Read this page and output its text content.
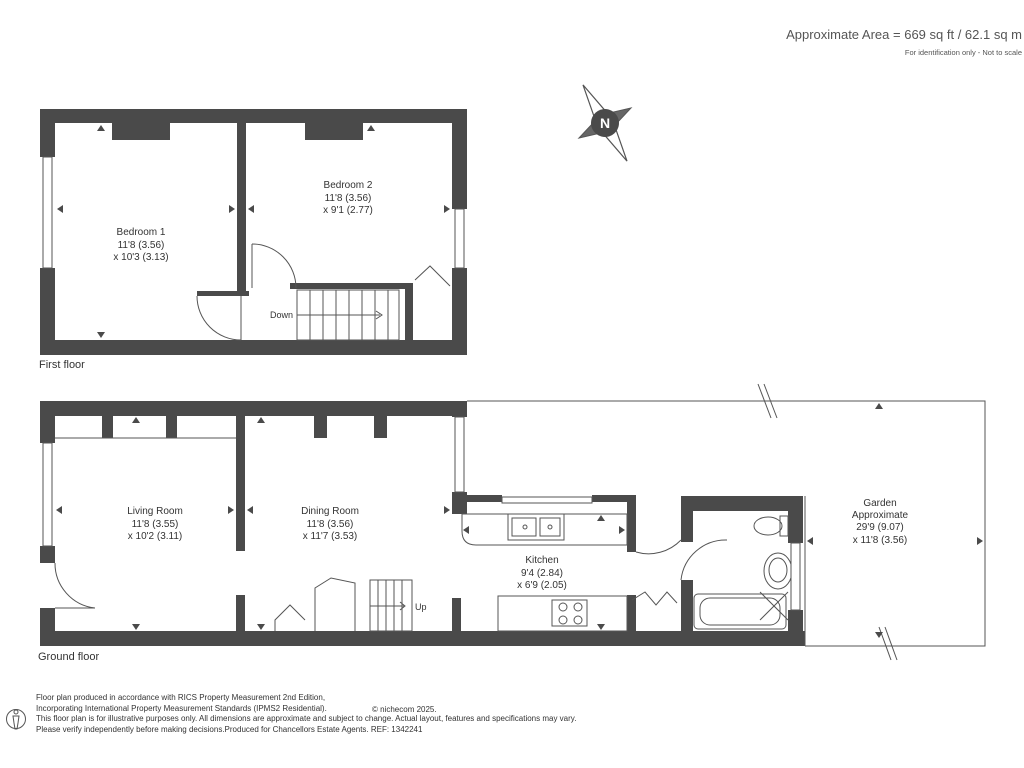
Approximate Area = 669 sq ft / 62.1 sq m
For identification only - Not to scale
N
Bedroom 1
11'8 (3.56)
x 10'3 (3.13)
Bedroom 2
11'8 (3.56)
x 9'1 (2.77)
Down
First floor
Living Room
11'8 (3.55)
x 10'2 (3.11)
Dining Room
11'8 (3.56)
x 11'7 (3.53)
Kitchen
9'4 (2.84)
x 6'9 (2.05)
Garden
Approximate
29'9 (9.07)
x 11'8 (3.56)
Up
Ground floor
Floor plan produced in accordance with RICS Property Measurement 2nd Edition,
Incorporating International Property Measurement Standards (IPMS2 Residential).
This floor plan is for illustrative purposes only. All dimensions are approximate and subject to change. Actual layout, features and specifications may vary.
Please verify independently before making decisions.Produced for Chancellors Estate Agents. REF: 1342241
© nichecom 2025.
